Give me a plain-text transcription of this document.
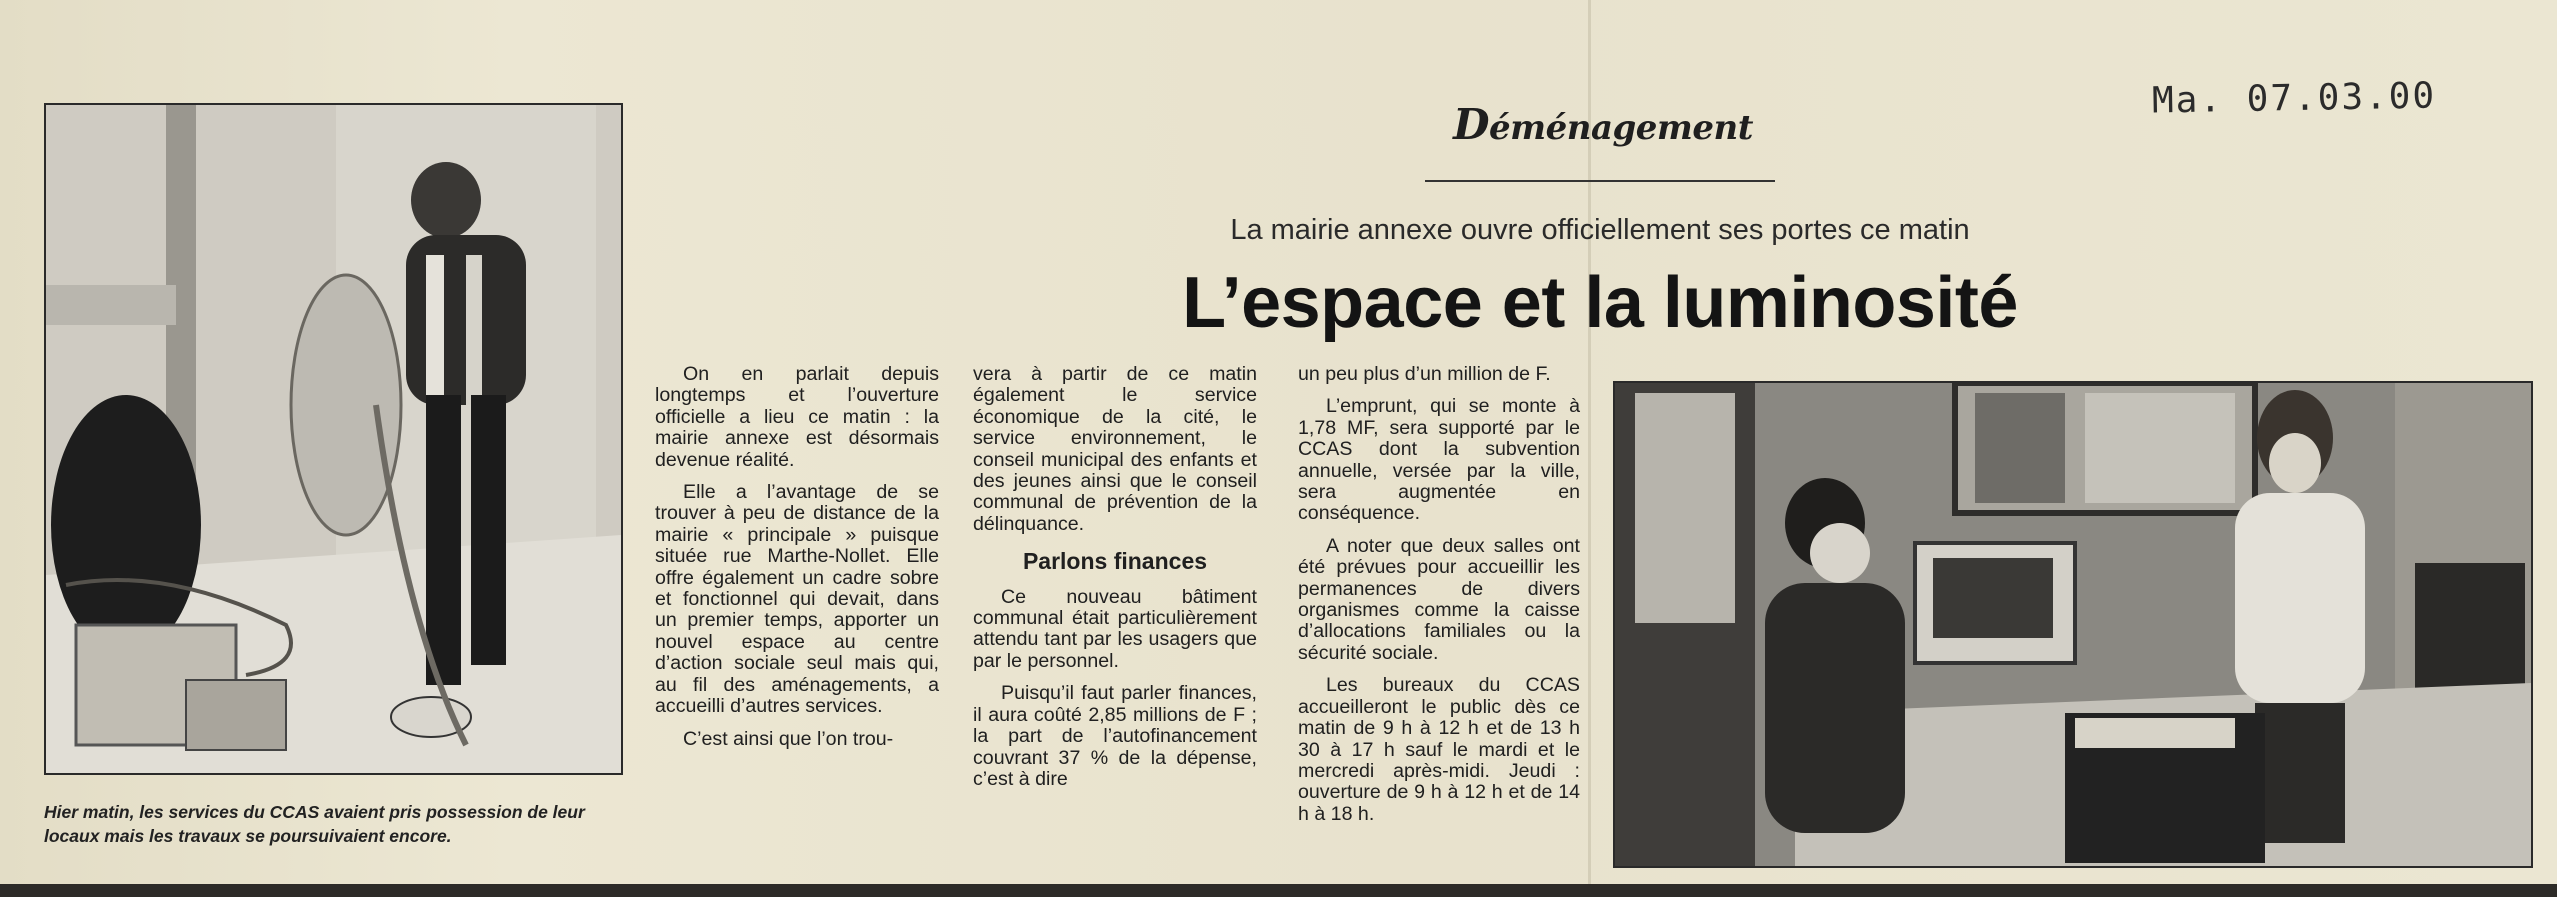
Hier matin, les services du CCAS avaient pris possession de leur locaux mais les travaux se poursuivaient encore.
Déménagement
La mairie annexe ouvre officiellement ses portes ce matin
L’espace et la luminosité
Ma. 07.03.00

On en parlait depuis longtemps et l’ouverture officielle a lieu ce matin : la mairie annexe est désormais devenue réalité.

Elle a l’avantage de se trouver à peu de distance de la mairie « principale » puisque située rue Marthe-Nollet. Elle offre également un cadre sobre et fonctionnel qui devait, dans un premier temps, apporter un nouvel espace au centre d’action sociale seul mais qui, au fil des aménagements, a accueilli d’autres services.

C’est ainsi que l’on trou-

vera à partir de ce matin également le service économique de la cité, le service environnement, le conseil municipal des enfants et des jeunes ainsi que le conseil communal de prévention de la délinquance.

Parlons finances

Ce nouveau bâtiment communal était particulièrement attendu tant par les usagers que par le personnel.

Puisqu’il faut parler finances, il aura coûté 2,85 millions de F ; la part de l’autofinancement couvrant 37 % de la dépense, c’est à dire

un peu plus d’un million de F.

L’emprunt, qui se monte à 1,78 MF, sera supporté par le CCAS dont la subvention annuelle, versée par la ville, sera augmentée en conséquence.

A noter que deux salles ont été prévues pour accueillir les permanences de divers organismes comme la caisse d’allocations familiales ou la sécurité sociale.

Les bureaux du CCAS accueilleront le public dès ce matin de 9 h à 12 h et de 13 h 30 à 17 h sauf le mardi et le mercredi après-midi. Jeudi : ouverture de 9 h à 12 h et de 14 h à 18 h.
